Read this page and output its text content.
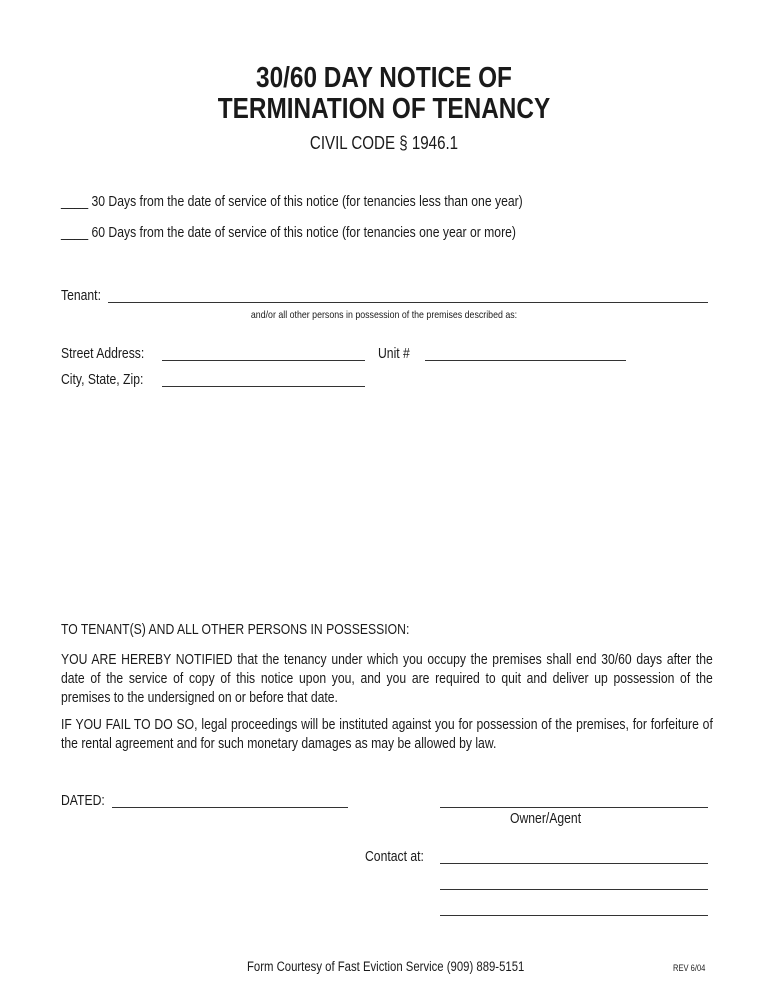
30/60 DAY NOTICE OF
TERMINATION OF TENANCY
CIVIL CODE § 1946.1
____ 30 Days from the date of service of this notice (for tenancies less than one year)
____ 60 Days from the date of service of this notice (for tenancies one year or more)
Tenant:
and/or all other persons in possession of the premises described as:
Street Address:	Unit #
City, State, Zip:
TO TENANT(S) AND ALL OTHER PERSONS IN POSSESSION:
YOU ARE HEREBY NOTIFIED that the tenancy under which you occupy the premises shall end 30/60 days after the date of the service of copy of this notice upon you, and you are required to quit and deliver up possession of the premises to the undersigned on or before that date.
IF YOU FAIL TO DO SO, legal proceedings will be instituted against you for possession of the premises, for forfeiture of the rental agreement and for such monetary damages as may be allowed by law.
DATED:
Owner/Agent
Contact at:
Form Courtesy of Fast Eviction Service (909) 889-5151	REV 6/04
